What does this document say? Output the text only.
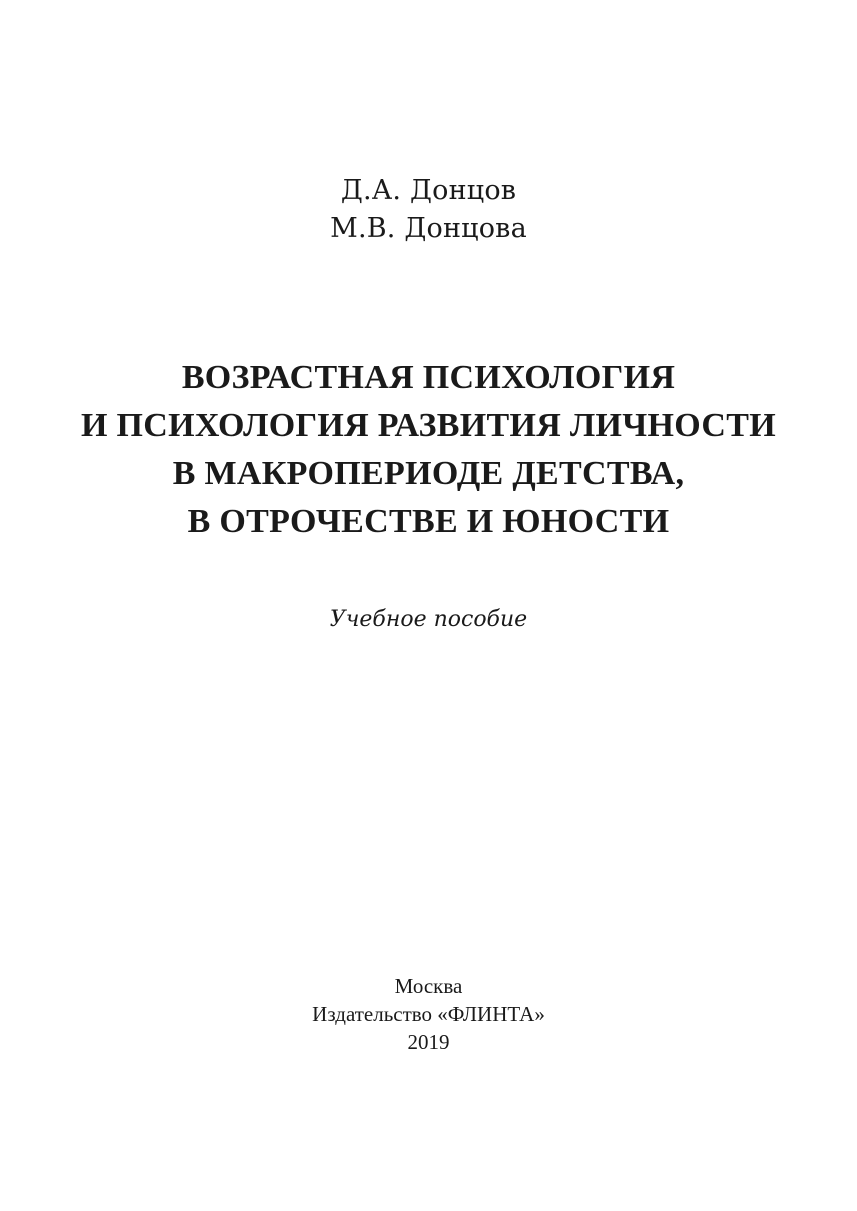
Д.А. Донцов
М.В. Донцова
ВОЗРАСТНАЯ ПСИХОЛОГИЯ
И ПСИХОЛОГИЯ РАЗВИТИЯ ЛИЧНОСТИ
В МАКРОПЕРИОДЕ ДЕТСТВА,
В ОТРОЧЕСТВЕ И ЮНОСТИ
Учебное пособие
Москва
Издательство «ФЛИНТА»
2019
